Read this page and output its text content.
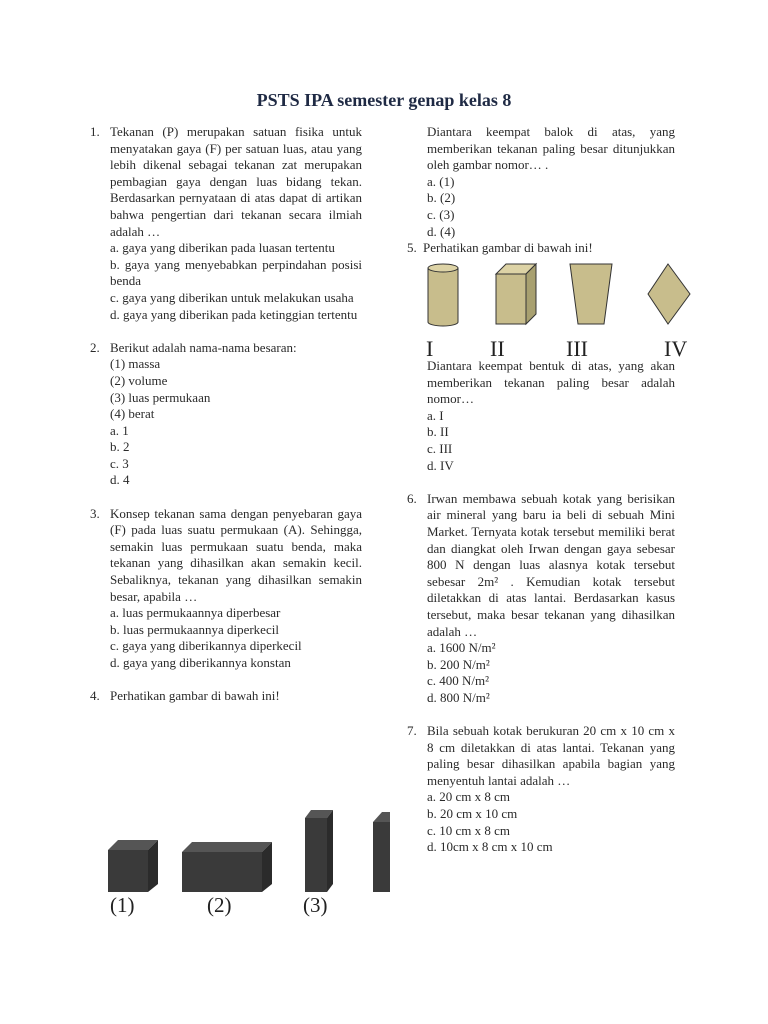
PSTS IPA semester genap kelas 8
1. Tekanan (P) merupakan satuan fisika untuk menyatakan gaya (F) per satuan luas, atau yang lebih dikenal sebagai tekanan zat merupakan pembagian gaya dengan luas bidang tekan. Berdasarkan pernyataan di atas dapat di artikan bahwa pengertian dari tekanan secara ilmiah adalah …
a. gaya yang diberikan pada luasan tertentu
b. gaya yang menyebabkan perpindahan posisi benda
c. gaya yang diberikan untuk melakukan usaha
d. gaya yang diberikan pada ketinggian tertentu
2. Berikut adalah nama-nama besaran:
(1) massa
(2) volume
(3) luas permukaan
(4) berat
a. 1
b. 2
c. 3
d. 4
3. Konsep tekanan sama dengan penyebaran gaya (F) pada luas suatu permukaan (A). Sehingga, semakin luas permukaan suatu benda, maka tekanan yang dihasilkan akan semakin kecil. Sebaliknya, tekanan yang dihasilkan semakin besar, apabila …
a. luas permukaannya diperbesar
b. luas permukaannya diperkecil
c. gaya yang diberikannya diperkecil
d. gaya yang diberikannya konstan
4. Perhatikan gambar di bawah ini!
(1)	(2)	(3)
Diantara keempat balok di atas, yang memberikan tekanan paling besar ditunjukkan oleh gambar nomor… .
a. (1)
b. (2)
c. (3)
d. (4)
5. Perhatikan gambar di bawah ini!
I	II	III	IV
Diantara keempat bentuk di atas, yang akan memberikan tekanan paling besar adalah nomor…
a. I
b. II
c. III
d. IV
6. Irwan membawa sebuah kotak yang berisikan air mineral yang baru ia beli di sebuah Mini Market. Ternyata kotak tersebut memiliki berat dan diangkat oleh Irwan dengan gaya sebesar 800 N dengan luas alasnya kotak tersebut sebesar 2m² . Kemudian kotak tersebut diletakkan di atas lantai. Berdasarkan kasus tersebut, maka besar tekanan yang dihasilkan adalah …
a. 1600 N/m²
b. 200 N/m²
c. 400 N/m²
d. 800 N/m²
7. Bila sebuah kotak berukuran 20 cm x 10 cm x 8 cm diletakkan di atas lantai. Tekanan yang paling besar dihasilkan apabila bagian yang menyentuh lantai adalah …
a. 20 cm x 8 cm
b. 20 cm x 10 cm
c. 10 cm x 8 cm
d. 10cm x 8 cm x 10 cm
